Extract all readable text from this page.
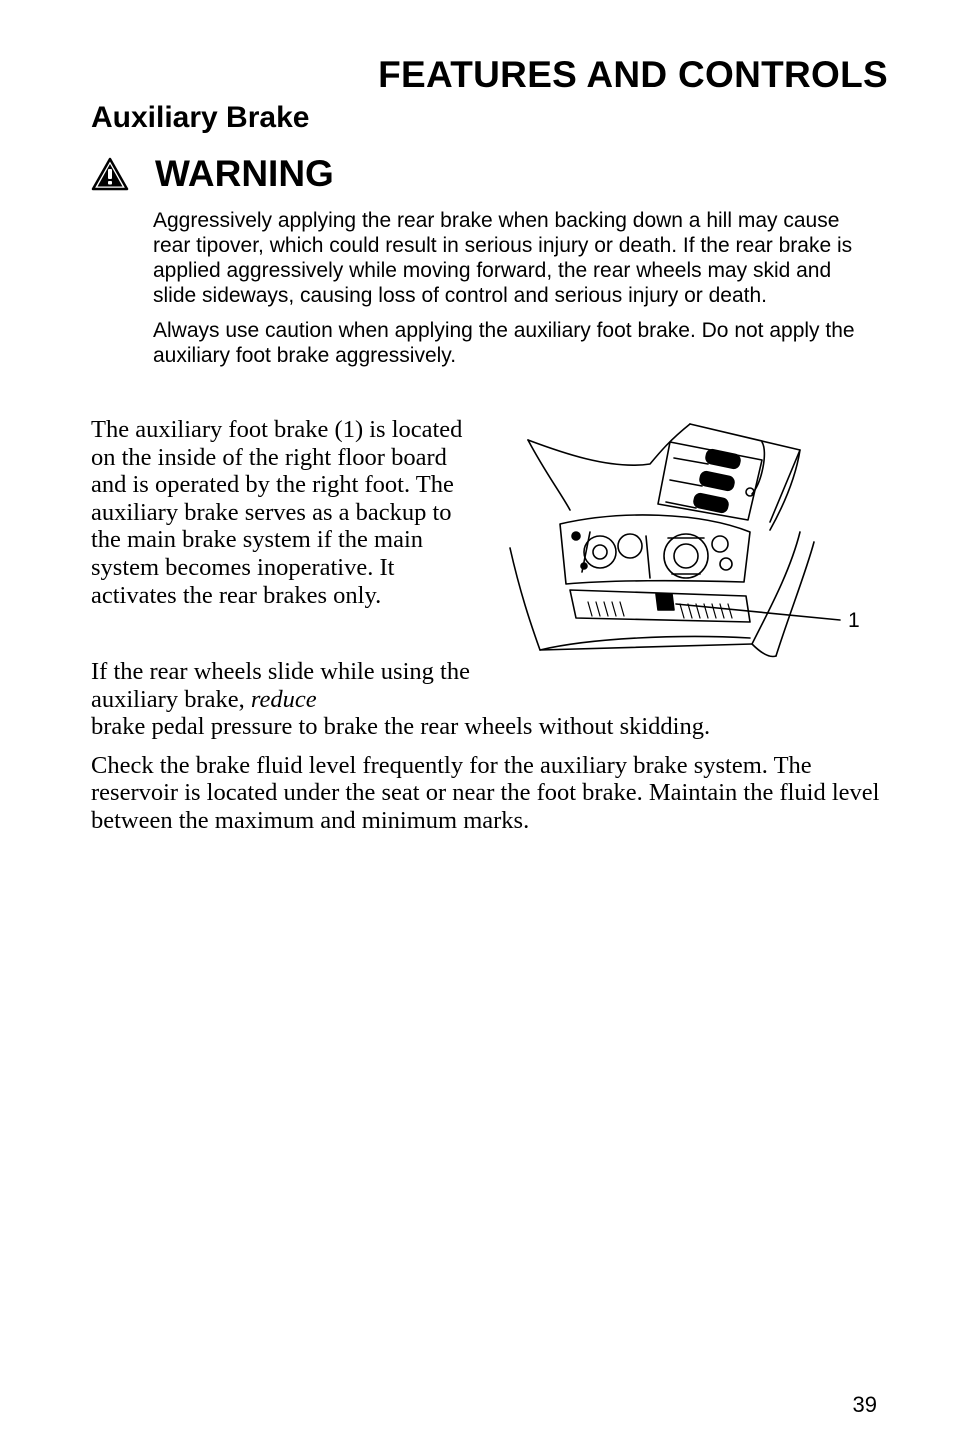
FEATURES AND CONTROLS
Auxiliary Brake
WARNING

Aggressively applying the rear brake when backing down a hill may cause rear tipover, which could result in serious injury or death. If the rear brake is applied aggressively while moving forward, the rear wheels may skid and slide sideways, causing loss of control and serious injury or death.

Always use caution when applying the auxiliary foot brake. Do not apply the auxiliary foot brake aggressively.

The auxiliary foot brake (1) is located on the inside of the right floor board and is operated by the right foot. The auxiliary brake serves as a backup to the main brake system if the main system becomes inoperative. It activates the rear brakes only.

1

If the rear wheels slide while using the auxiliary brake, reduce
brake pedal pressure to brake the rear wheels without skidding.

Check the brake fluid level frequently for the auxiliary brake system. The reservoir is located under the seat or near the foot brake. Maintain the fluid level between the maximum and minimum marks.

39
